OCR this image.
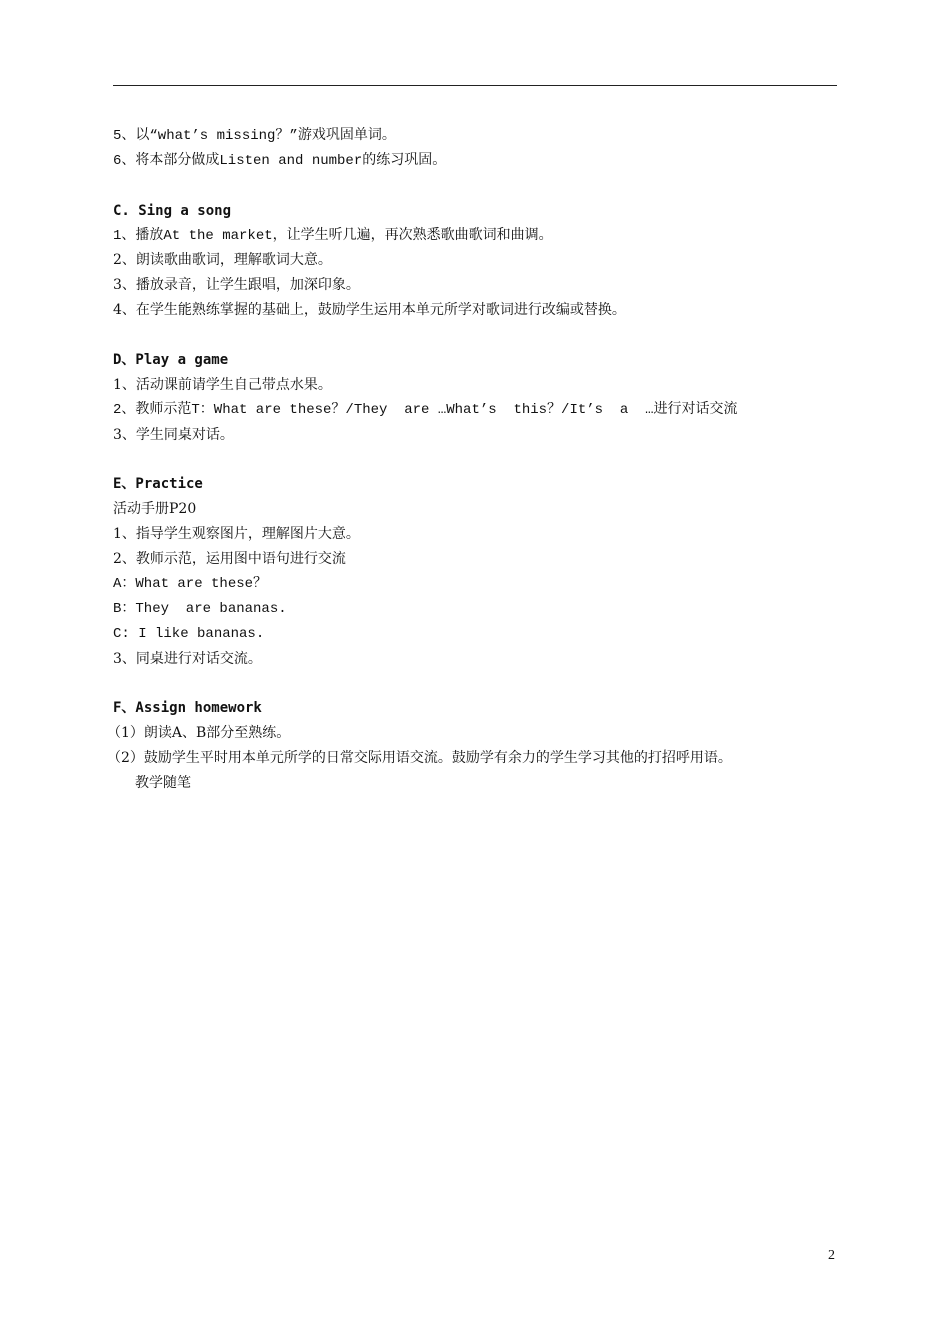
5、以“what’s missing？”游戏巩固单词。
6、将本部分做成Listen and number的练习巩固。
C. Sing a song
1、播放At the market，让学生听几遍，再次熟悉歌曲歌词和曲调。
2、朗读歌曲歌词，理解歌词大意。
3、播放录音，让学生跟唱，加深印象。
4、在学生能熟练掌握的基础上，鼓励学生运用本单元所学对歌词进行改编或替换。
D、Play a game
1、活动课前请学生自己带点水果。
2、教师示范T：What are these？/They  are …What’s  this？/It’s  a  …进行对话交流
3、学生同桌对话。
E、Practice
活动手册P20
1、指导学生观察图片，理解图片大意。
2、教师示范，运用图中语句进行交流
A：What are these？
B：They  are bananas.
C: I like bananas.
3、同桌进行对话交流。
F、Assign homework
（1）朗读A、B部分至熟练。
（2）鼓励学生平时用本单元所学的日常交际用语交流。鼓励学有余力的学生学习其他的打招呼用语。
教学随笔
2
